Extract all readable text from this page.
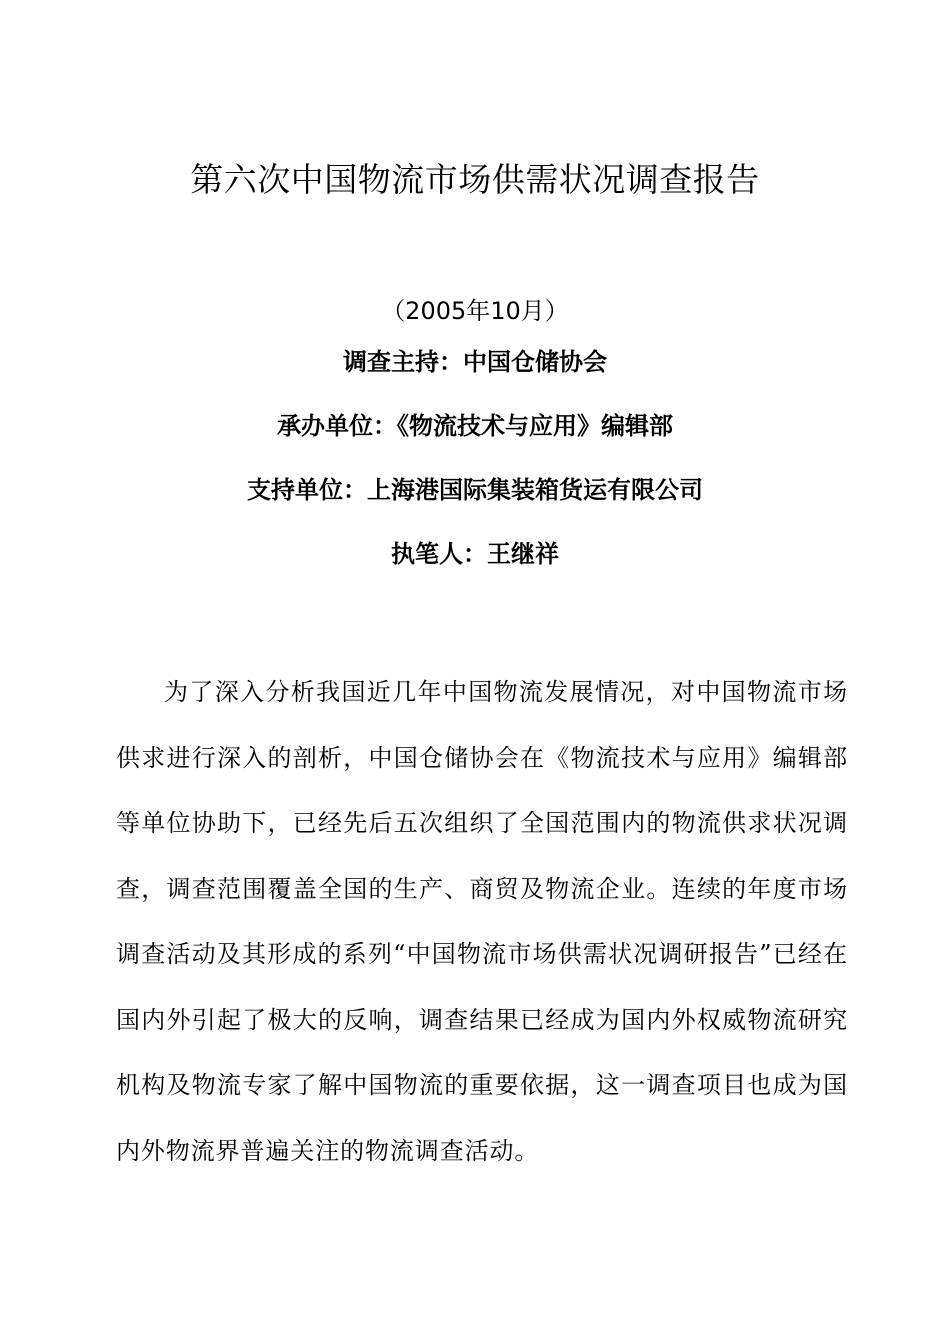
第六次中国物流市场供需状况调查报告
（2005年10月）
调查主持：中国仓储协会
承办单位：《物流技术与应用》编辑部
支持单位：上海港国际集装箱货运有限公司
执笔人：王继祥

为了深入分析我国近几年中国物流发展情况，对中国物流市场供求进行深入的剖析，中国仓储协会在《物流技术与应用》编辑部等单位协助下，已经先后五次组织了全国范围内的物流供求状况调查，调查范围覆盖全国的生产、商贸及物流企业。连续的年度市场调查活动及其形成的系列“中国物流市场供需状况调研报告”已经在国内外引起了极大的反响，调查结果已经成为国内外权威物流研究机构及物流专家了解中国物流的重要依据，这一调查项目也成为国内外物流界普遍关注的物流调查活动。
